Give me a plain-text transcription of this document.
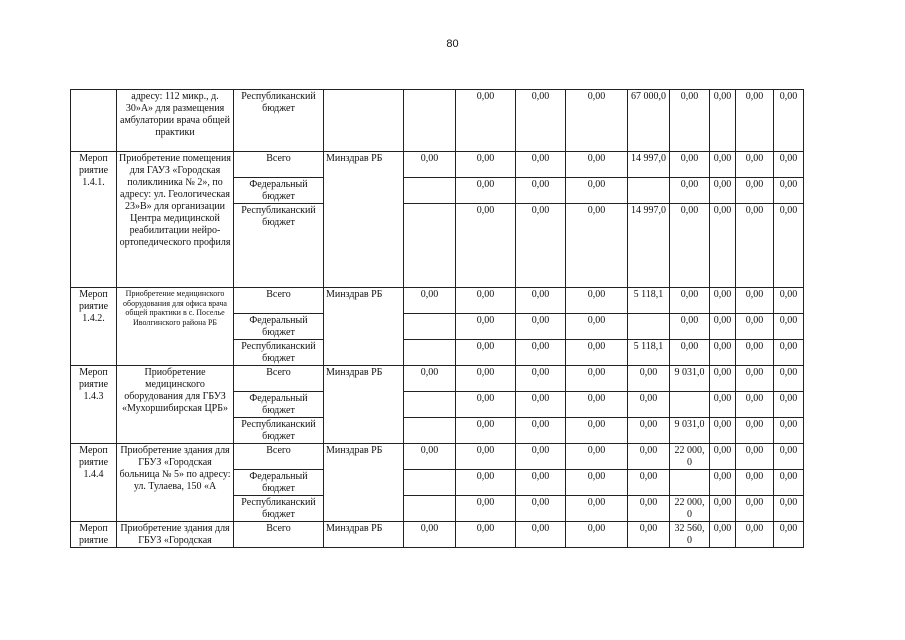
80
	адресу: 112 микр., д. 30»А» для размещения амбулатории врача общей практики	Республиканский бюджет			0,00	0,00	0,00	67 000,0	0,00	0,00	0,00	0,00
Мероп риятие 1.4.1.	Приобретение помещения для ГАУЗ «Городская поликлиника № 2», по адресу: ул. Геологическая 23»В» для организации Центра медицинской реабилитации нейро-ортопедического профиля	Всего	Минздрав РБ	0,00	0,00	0,00	0,00	14 997,0	0,00	0,00	0,00	0,00
		Федеральный бюджет			0,00	0,00	0,00		0,00	0,00	0,00	0,00
		Республиканский бюджет			0,00	0,00	0,00	14 997,0	0,00	0,00	0,00	0,00
Мероп риятие 1.4.2.	Приобретение медицинского оборудования для офиса врача общей практики в с. Поселье Иволгинского района РБ	Всего	Минздрав РБ	0,00	0,00	0,00	0,00	5 118,1	0,00	0,00	0,00	0,00
		Федеральный бюджет			0,00	0,00	0,00		0,00	0,00	0,00	0,00
		Республиканский бюджет			0,00	0,00	0,00	5 118,1	0,00	0,00	0,00	0,00
Мероп риятие 1.4.3	Приобретение медицинского оборудования для ГБУЗ «Мухоршибирская ЦРБ»	Всего	Минздрав РБ	0,00	0,00	0,00	0,00	0,00	9 031,0	0,00	0,00	0,00
		Федеральный бюджет			0,00	0,00	0,00	0,00		0,00	0,00	0,00
		Республиканский бюджет			0,00	0,00	0,00	0,00	9 031,0	0,00	0,00	0,00
Мероп риятие 1.4.4	Приобретение здания для ГБУЗ «Городская больница № 5» по адресу: ул. Тулаева, 150 «А	Всего	Минздрав РБ	0,00	0,00	0,00	0,00	0,00	22 000, 0	0,00	0,00	0,00
		Федеральный бюджет			0,00	0,00	0,00	0,00		0,00	0,00	0,00
		Республиканский бюджет			0,00	0,00	0,00	0,00	22 000, 0	0,00	0,00	0,00
Мероп риятие	Приобретение здания для ГБУЗ «Городская	Всего	Минздрав РБ	0,00	0,00	0,00	0,00	0,00	32 560, 0	0,00	0,00	0,00
